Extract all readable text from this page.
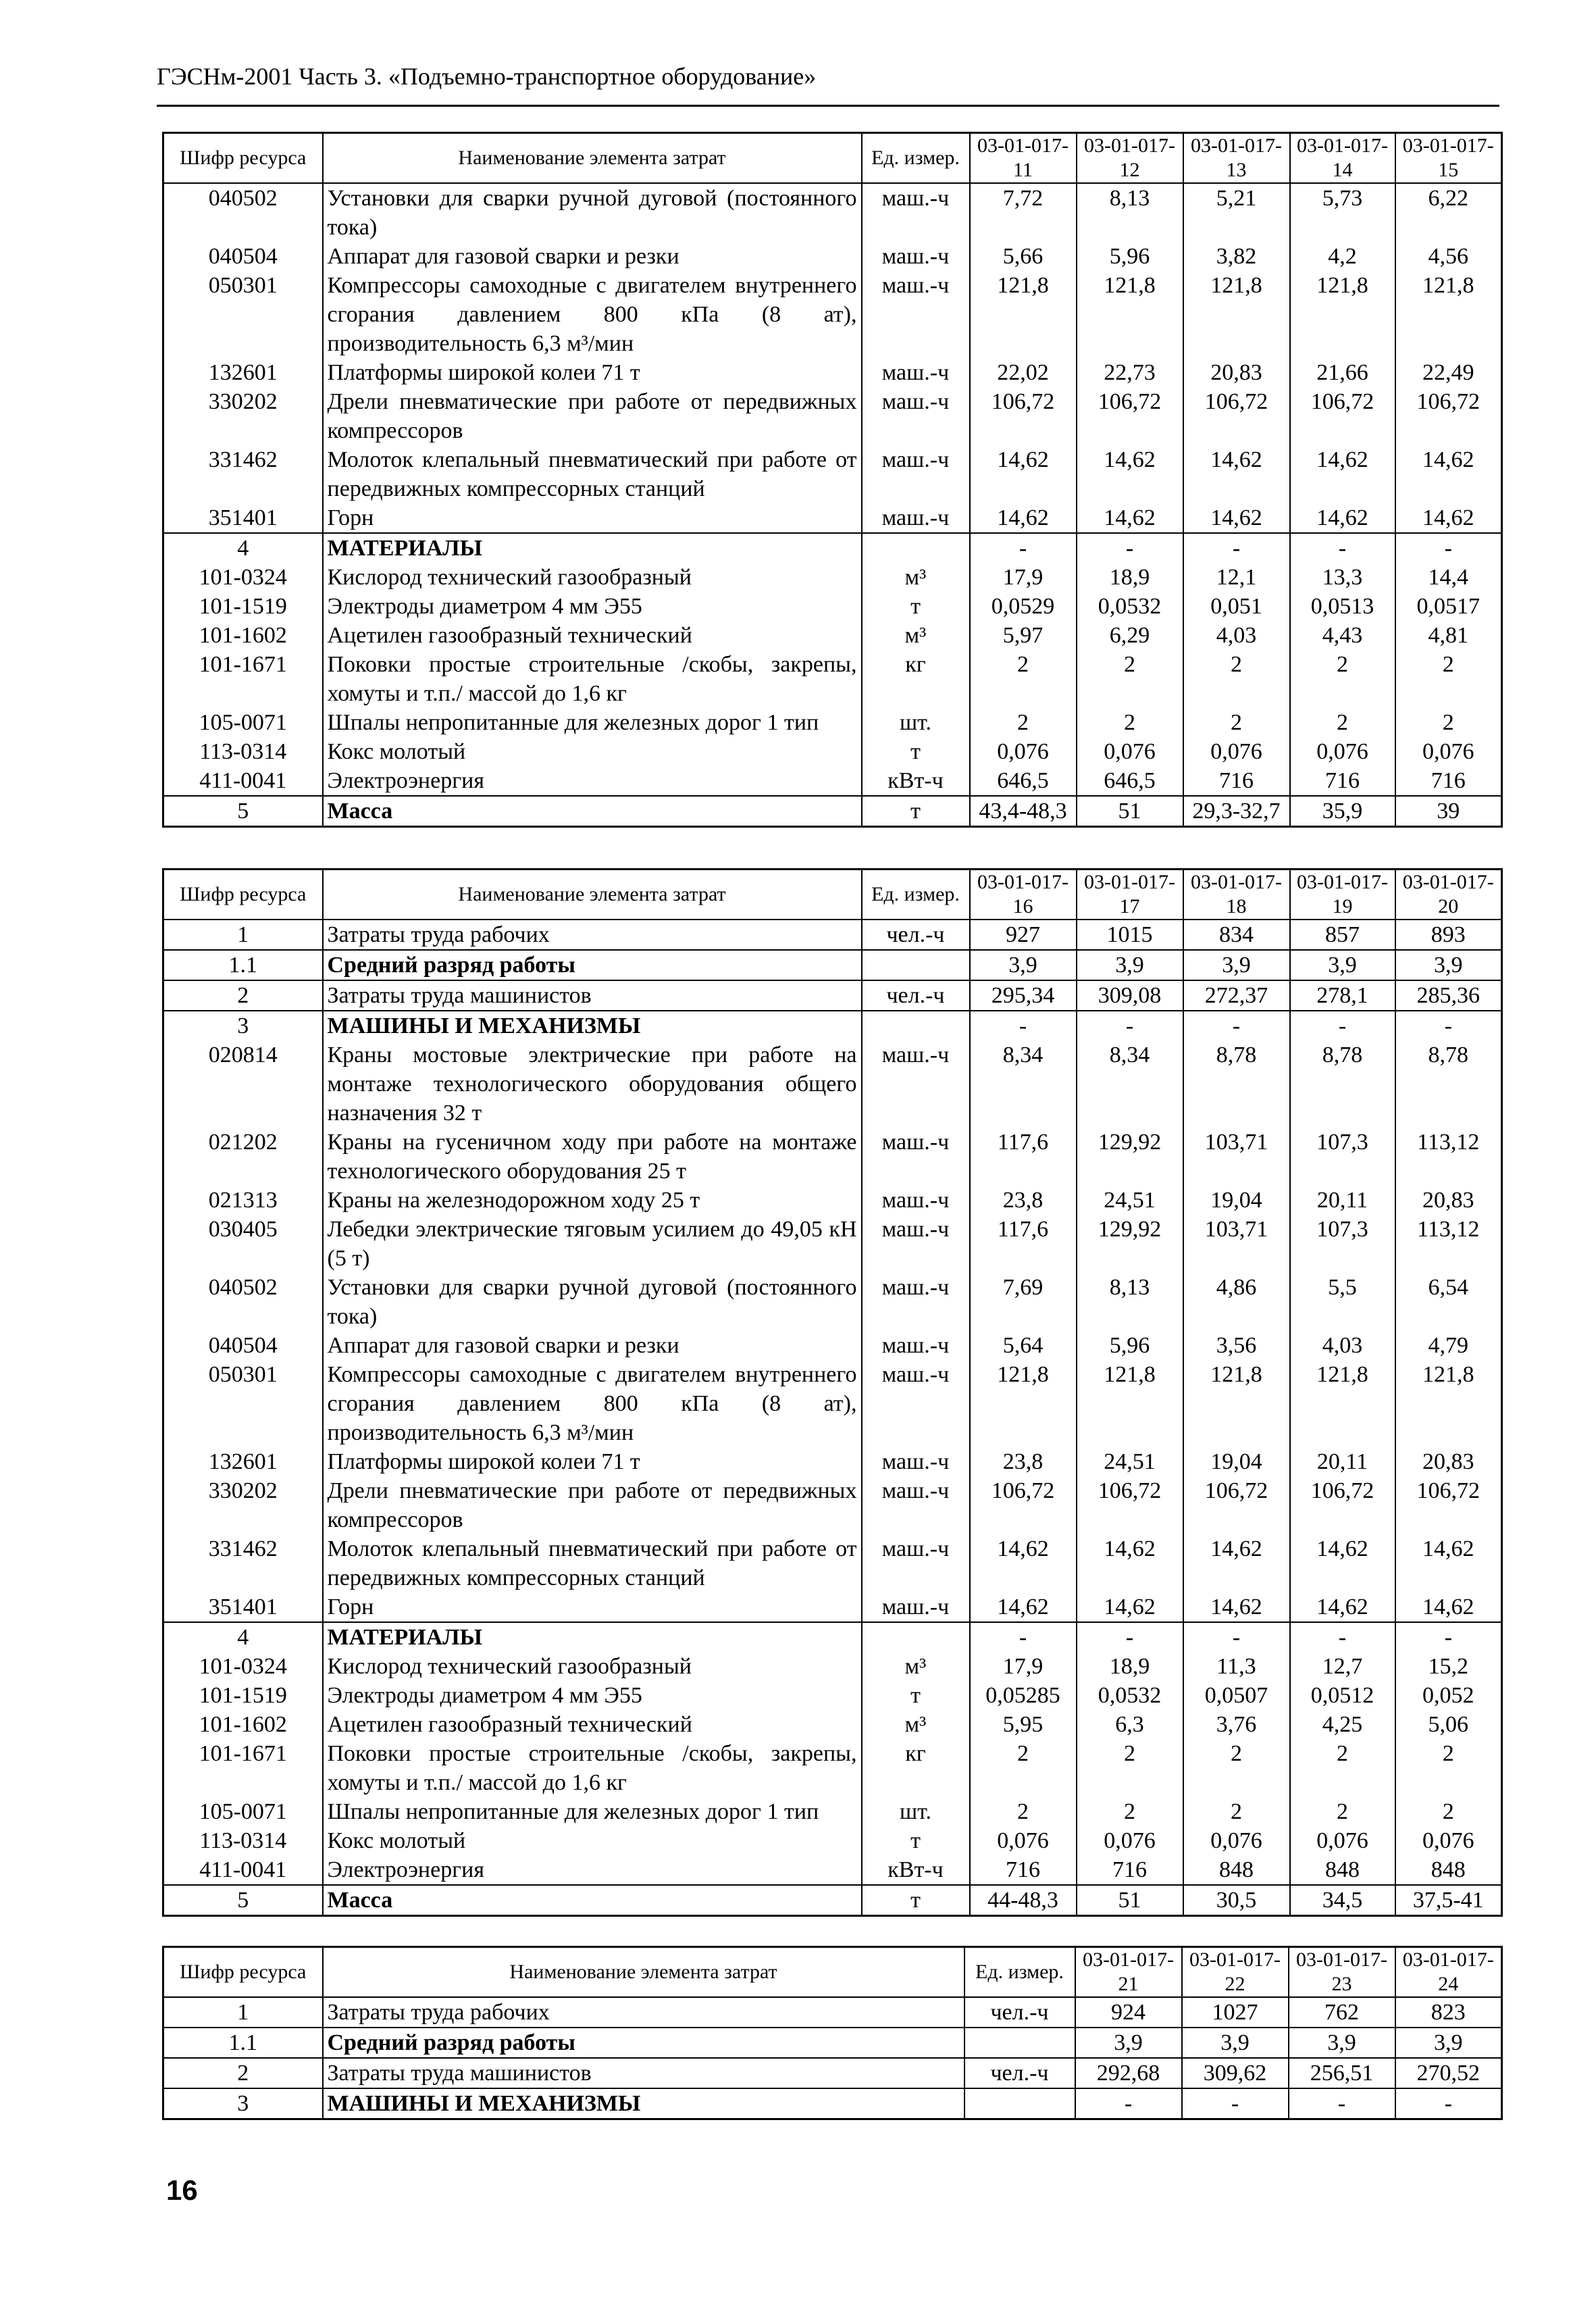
ГЭСНм-2001 Часть 3. «Подъемно-транспортное оборудование»
Шифр ресурса	Наименование элемента затрат	Ед. измер.	03-01-017-11	03-01-017-12	03-01-017-13	03-01-017-14	03-01-017-15
040502	Установки для сварки ручной дуговой (постоянного тока)	маш.-ч	7,72	8,13	5,21	5,73	6,22
040504	Аппарат для газовой сварки и резки	маш.-ч	5,66	5,96	3,82	4,2	4,56
050301	Компрессоры самоходные с двигателем внутреннего сгорания давлением 800 кПа (8 ат), производительность 6,3 м³/мин	маш.-ч	121,8	121,8	121,8	121,8	121,8
132601	Платформы широкой колеи 71 т	маш.-ч	22,02	22,73	20,83	21,66	22,49
330202	Дрели пневматические при работе от передвижных компрессоров	маш.-ч	106,72	106,72	106,72	106,72	106,72
331462	Молоток клепальный пневматический при работе от передвижных компрессорных станций	маш.-ч	14,62	14,62	14,62	14,62	14,62
351401	Горн	маш.-ч	14,62	14,62	14,62	14,62	14,62
4	МАТЕРИАЛЫ		-	-	-	-	-
101-0324	Кислород технический газообразный	м³	17,9	18,9	12,1	13,3	14,4
101-1519	Электроды диаметром 4 мм Э55	т	0,0529	0,0532	0,051	0,0513	0,0517
101-1602	Ацетилен газообразный технический	м³	5,97	6,29	4,03	4,43	4,81
101-1671	Поковки простые строительные /скобы, закрепы, хомуты и т.п./ массой до 1,6 кг	кг	2	2	2	2	2
105-0071	Шпалы непропитанные для железных дорог 1 тип	шт.	2	2	2	2	2
113-0314	Кокс молотый	т	0,076	0,076	0,076	0,076	0,076
411-0041	Электроэнергия	кВт-ч	646,5	646,5	716	716	716
5	Масса	т	43,4-48,3	51	29,3-32,7	35,9	39
Шифр ресурса	Наименование элемента затрат	Ед. измер.	03-01-017-16	03-01-017-17	03-01-017-18	03-01-017-19	03-01-017-20
1	Затраты труда рабочих	чел.-ч	927	1015	834	857	893
1.1	Средний разряд работы		3,9	3,9	3,9	3,9	3,9
2	Затраты труда машинистов	чел.-ч	295,34	309,08	272,37	278,1	285,36
3	МАШИНЫ И МЕХАНИЗМЫ		-	-	-	-	-
020814	Краны мостовые электрические при работе на монтаже технологического оборудования общего назначения 32 т	маш.-ч	8,34	8,34	8,78	8,78	8,78
021202	Краны на гусеничном ходу при работе на монтаже технологического оборудования 25 т	маш.-ч	117,6	129,92	103,71	107,3	113,12
021313	Краны на железнодорожном ходу 25 т	маш.-ч	23,8	24,51	19,04	20,11	20,83
030405	Лебедки электрические тяговым усилием до 49,05 кН (5 т)	маш.-ч	117,6	129,92	103,71	107,3	113,12
040502	Установки для сварки ручной дуговой (постоянного тока)	маш.-ч	7,69	8,13	4,86	5,5	6,54
040504	Аппарат для газовой сварки и резки	маш.-ч	5,64	5,96	3,56	4,03	4,79
050301	Компрессоры самоходные с двигателем внутреннего сгорания давлением 800 кПа (8 ат), производительность 6,3 м³/мин	маш.-ч	121,8	121,8	121,8	121,8	121,8
132601	Платформы широкой колеи 71 т	маш.-ч	23,8	24,51	19,04	20,11	20,83
330202	Дрели пневматические при работе от передвижных компрессоров	маш.-ч	106,72	106,72	106,72	106,72	106,72
331462	Молоток клепальный пневматический при работе от передвижных компрессорных станций	маш.-ч	14,62	14,62	14,62	14,62	14,62
351401	Горн	маш.-ч	14,62	14,62	14,62	14,62	14,62
4	МАТЕРИАЛЫ		-	-	-	-	-
101-0324	Кислород технический газообразный	м³	17,9	18,9	11,3	12,7	15,2
101-1519	Электроды диаметром 4 мм Э55	т	0,05285	0,0532	0,0507	0,0512	0,052
101-1602	Ацетилен газообразный технический	м³	5,95	6,3	3,76	4,25	5,06
101-1671	Поковки простые строительные /скобы, закрепы, хомуты и т.п./ массой до 1,6 кг	кг	2	2	2	2	2
105-0071	Шпалы непропитанные для железных дорог 1 тип	шт.	2	2	2	2	2
113-0314	Кокс молотый	т	0,076	0,076	0,076	0,076	0,076
411-0041	Электроэнергия	кВт-ч	716	716	848	848	848
5	Масса	т	44-48,3	51	30,5	34,5	37,5-41
Шифр ресурса	Наименование элемента затрат	Ед. измер.	03-01-017-21	03-01-017-22	03-01-017-23	03-01-017-24
1	Затраты труда рабочих	чел.-ч	924	1027	762	823
1.1	Средний разряд работы		3,9	3,9	3,9	3,9
2	Затраты труда машинистов	чел.-ч	292,68	309,62	256,51	270,52
3	МАШИНЫ И МЕХАНИЗМЫ		-	-	-	-
16
